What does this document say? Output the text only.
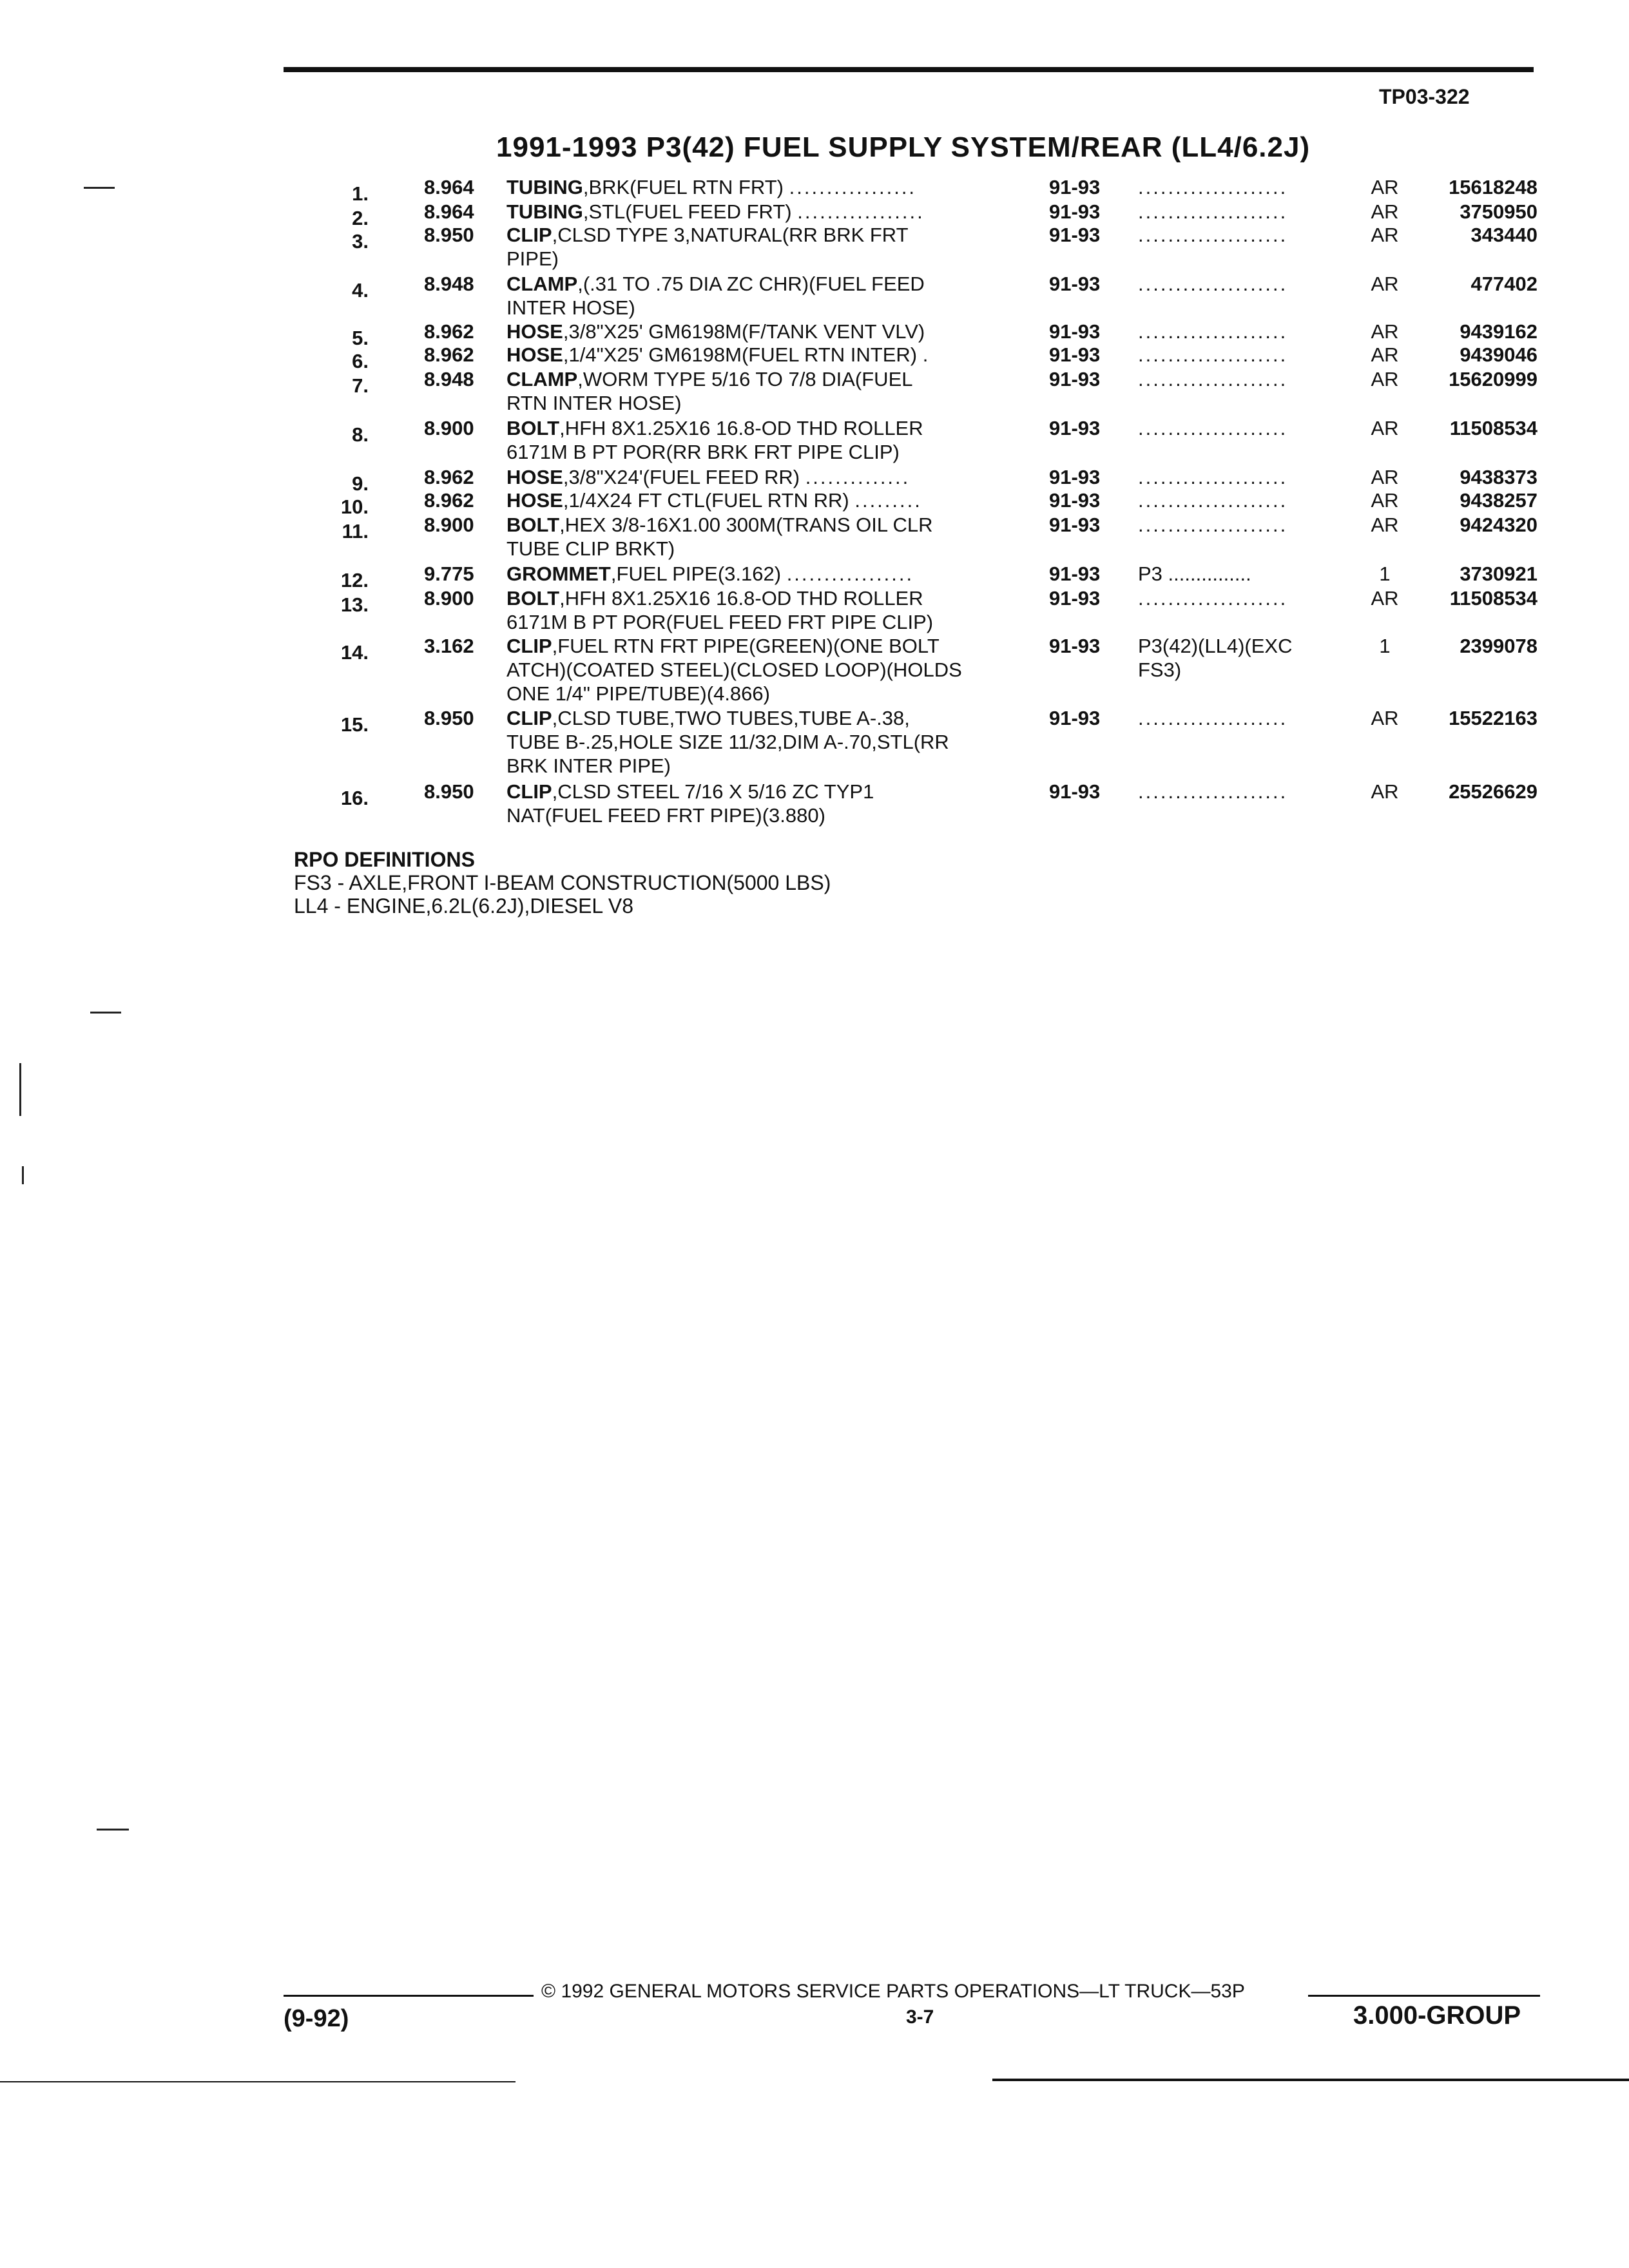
TP03-322
1991-1993 P3(42) FUEL SUPPLY SYSTEM/REAR (LL4/6.2J)
1.	8.964	TUBING,BRK(FUEL RTN FRT) .................	91-93	....................	AR	15618248
2.	8.964	TUBING,STL(FUEL FEED FRT) .................	91-93	....................	AR	3750950
3.	8.950	CLIP,CLSD TYPE 3,NATURAL(RR BRK FRT
PIPE)
91-93	....................	AR	343440
4.	8.948	CLAMP,(.31 TO .75 DIA ZC CHR)(FUEL FEED
INTER HOSE)
91-93	....................	AR	477402
5.	8.962	HOSE,3/8"X25' GM6198M(F/TANK VENT VLV)	91-93	....................	AR	9439162
6.	8.962	HOSE,1/4"X25' GM6198M(FUEL RTN INTER) .	91-93	....................	AR	9439046
7.	8.948	CLAMP,WORM TYPE 5/16 TO 7/8 DIA(FUEL
RTN INTER HOSE)
91-93	....................	AR	15620999
8.	8.900	BOLT,HFH 8X1.25X16 16.8-OD THD ROLLER
6171M B PT POR(RR BRK FRT PIPE CLIP)
91-93	....................	AR	11508534
9.	8.962	HOSE,3/8"X24'(FUEL FEED RR) ..............	91-93	....................	AR	9438373
10.	8.962	HOSE,1/4X24 FT CTL(FUEL RTN RR) .........	91-93	....................	AR	9438257
11.	8.900	BOLT,HEX 3/8-16X1.00 300M(TRANS OIL CLR
TUBE CLIP BRKT)
91-93	....................	AR	9424320
12.	9.775	GROMMET,FUEL PIPE(3.162) .................	91-93	P3 ...............	1	3730921
13.	8.900	BOLT,HFH 8X1.25X16 16.8-OD THD ROLLER
6171M B PT POR(FUEL FEED FRT PIPE CLIP)
91-93	....................	AR	11508534
14.	3.162	CLIP,FUEL RTN FRT PIPE(GREEN)(ONE BOLT
ATCH)(COATED STEEL)(CLOSED LOOP)(HOLDS
ONE 1/4" PIPE/TUBE)(4.866)
91-93	P3(42)(LL4)(EXC
FS3)
1	2399078
15.	8.950	CLIP,CLSD TUBE,TWO TUBES,TUBE A-.38,
TUBE B-.25,HOLE SIZE 11/32,DIM A-.70,STL(RR
BRK INTER PIPE)
91-93	....................	AR	15522163
16.	8.950	CLIP,CLSD STEEL 7/16 X 5/16 ZC TYP1
NAT(FUEL FEED FRT PIPE)(3.880)
91-93	....................	AR	25526629
RPO DEFINITIONS
FS3 - AXLE,FRONT I-BEAM CONSTRUCTION(5000 LBS)
LL4 - ENGINE,6.2L(6.2J),DIESEL V8
© 1992 GENERAL MOTORS SERVICE PARTS OPERATIONS—LT TRUCK—53P
(9-92)	3-7	3.000-GROUP
